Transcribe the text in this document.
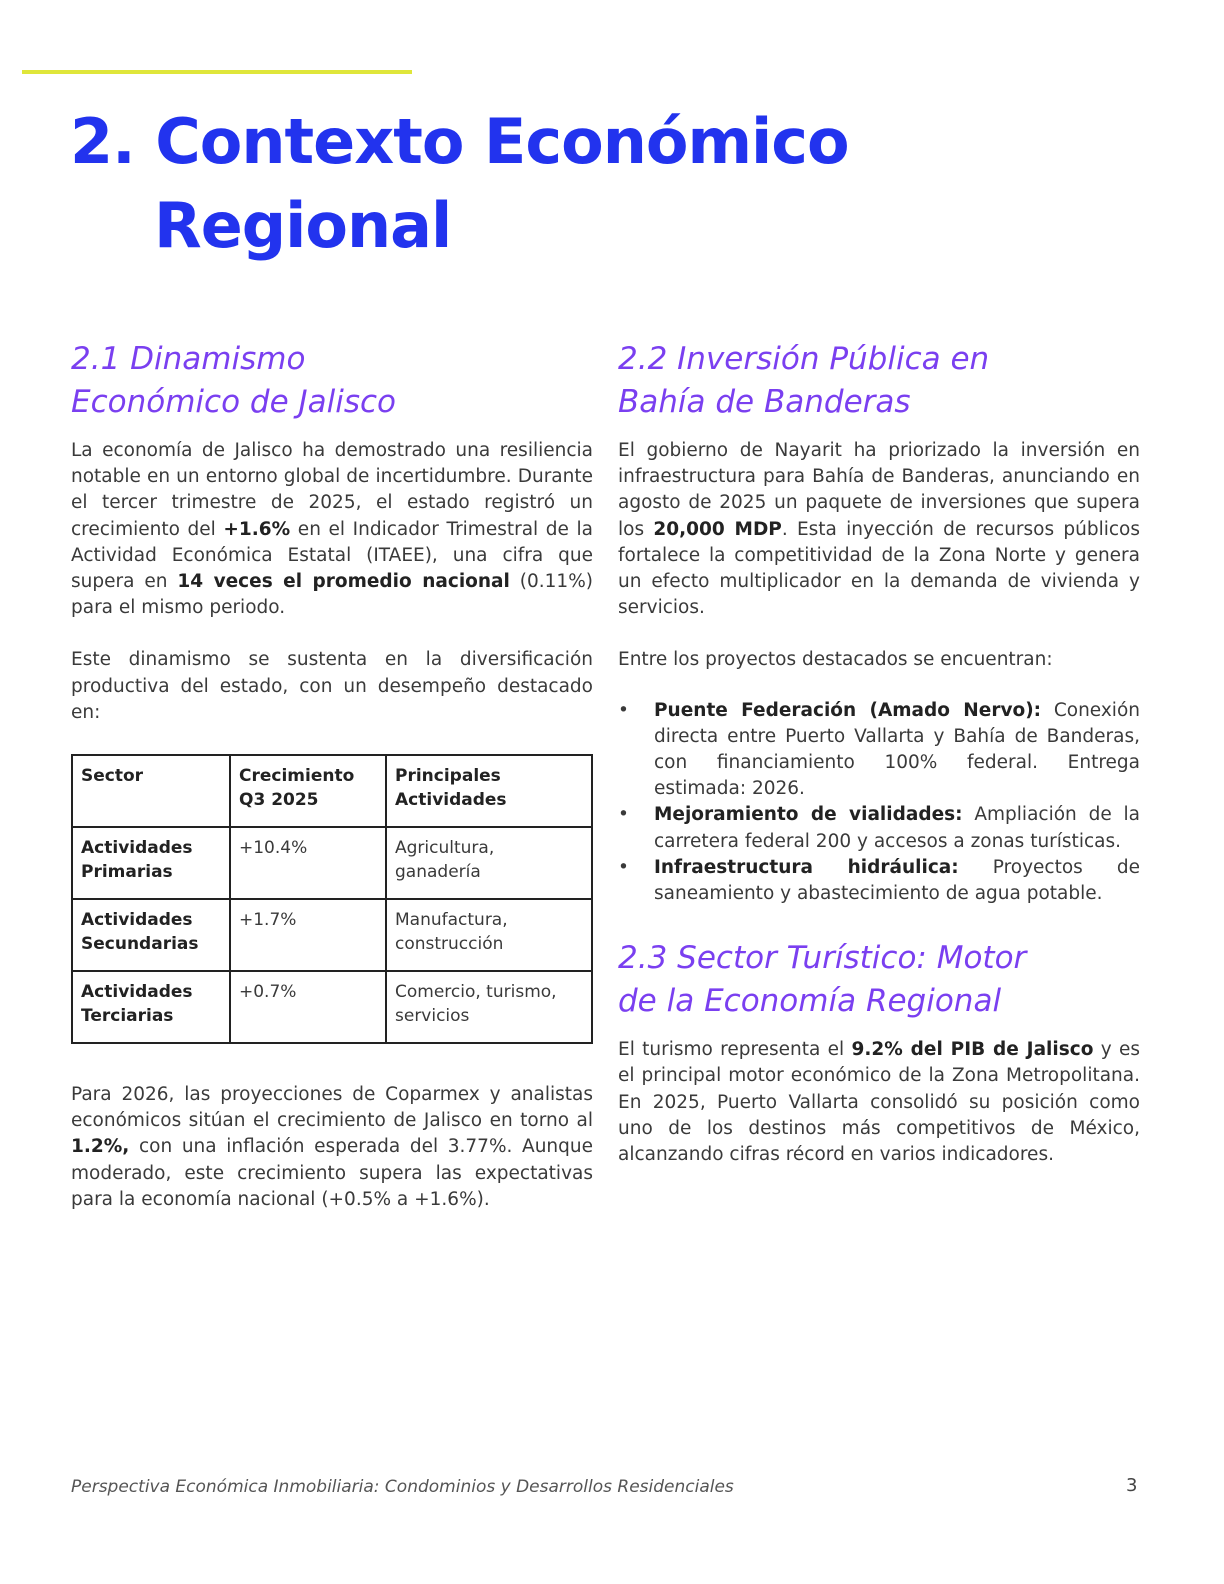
2. Contexto Económico
Regional
2.1 Dinamismo
Económico de Jalisco

La economía de Jalisco ha demostrado una resiliencia notable en un entorno global de incertidumbre. Durante el tercer trimestre de 2025, el estado registró un crecimiento del +1.6% en el Indicador Trimestral de la Actividad Económica Estatal (ITAEE), una cifra que supera en 14 veces el promedio nacional (0.11%) para el mismo periodo.

Este dinamismo se sustenta en la diversificación productiva del estado, con un desempeño destacado en:

Sector	Crecimiento Q3 2025	Principales Actividades
Actividades Primarias	+10.4%	Agricultura, ganadería
Actividades Secundarias	+1.7%	Manufactura, construcción
Actividades Terciarias	+0.7%	Comercio, turismo, servicios

Para 2026, las proyecciones de Coparmex y analistas económicos sitúan el crecimiento de Jalisco en torno al 1.2%, con una inflación esperada del 3.77%. Aunque moderado, este crecimiento supera las expectativas para la economía nacional (+0.5% a +1.6%).

2.2 Inversión Pública en
Bahía de Banderas

El gobierno de Nayarit ha priorizado la inversión en infraestructura para Bahía de Banderas, anunciando en agosto de 2025 un paquete de inversiones que supera los 20,000 MDP. Esta inyección de recursos públicos fortalece la competitividad de la Zona Norte y genera un efecto multiplicador en la demanda de vivienda y servicios.

Entre los proyectos destacados se encuentran:

• Puente Federación (Amado Nervo): Conexión directa entre Puerto Vallarta y Bahía de Banderas, con financiamiento 100% federal. Entrega estimada: 2026.
• Mejoramiento de vialidades: Ampliación de la carretera federal 200 y accesos a zonas turísticas.
• Infraestructura hidráulica: Proyectos de saneamiento y abastecimiento de agua potable.
2.3 Sector Turístico: Motor
de la Economía Regional

El turismo representa el 9.2% del PIB de Jalisco y es el principal motor económico de la Zona Metropolitana. En 2025, Puerto Vallarta consolidó su posición como uno de los destinos más competitivos de México, alcanzando cifras récord en varios indicadores.

Perspectiva Económica Inmobiliaria: Condominios y Desarrollos Residenciales	3
